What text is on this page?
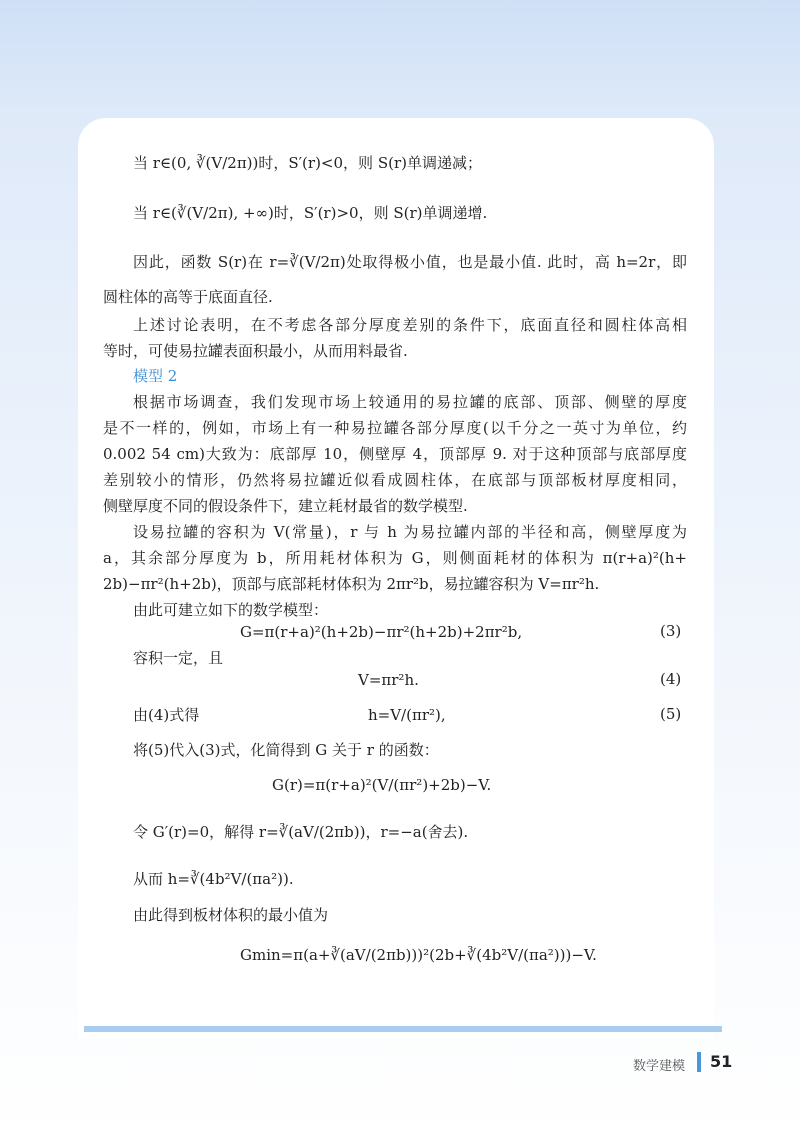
当 r∈(0, ∛(V/2π))时，S′(r)<0，则 S(r)单调递减；
当 r∈(∛(V/2π), +∞)时，S′(r)>0，则 S(r)单调递增.
因此，函数 S(r)在 r=∛(V/2π)处取得极小值，也是最小值. 此时，高 h=2r，即
圆柱体的高等于底面直径.
上述讨论表明，在不考虑各部分厚度差别的条件下，底面直径和圆柱体高相
等时，可使易拉罐表面积最小，从而用料最省.
模型 2
根据市场调查，我们发现市场上较通用的易拉罐的底部、顶部、侧壁的厚度
是不一样的，例如，市场上有一种易拉罐各部分厚度(以千分之一英寸为单位，约
0.002 54 cm)大致为：底部厚 10，侧壁厚 4，顶部厚 9. 对于这种顶部与底部厚度
差别较小的情形，仍然将易拉罐近似看成圆柱体，在底部与顶部板材厚度相同，
侧壁厚度不同的假设条件下，建立耗材最省的数学模型.
设易拉罐的容积为 V(常量)，r 与 h 为易拉罐内部的半径和高，侧壁厚度为
a，其余部分厚度为 b，所用耗材体积为 G，则侧面耗材的体积为 π(r+a)²(h+
2b)−πr²(h+2b)，顶部与底部耗材体积为 2πr²b，易拉罐容积为 V=πr²h.
由此可建立如下的数学模型：
G=π(r+a)²(h+2b)−πr²(h+2b)+2πr²b,	(3)
容积一定，且
V=πr²h.	(4)
由(4)式得	h=V/(πr²),	(5)
将(5)代入(3)式，化简得到 G 关于 r 的函数：
G(r)=π(r+a)²(V/(πr²)+2b)−V.
令 G′(r)=0，解得 r=∛(aV/(2πb))，r=−a(舍去).
从而 h=∛(4b²V/(πa²)).
由此得到板材体积的最小值为
Gmin=π(a+∛(aV/(2πb)))²(2b+∛(4b²V/(πa²)))−V.
数学建模 51
